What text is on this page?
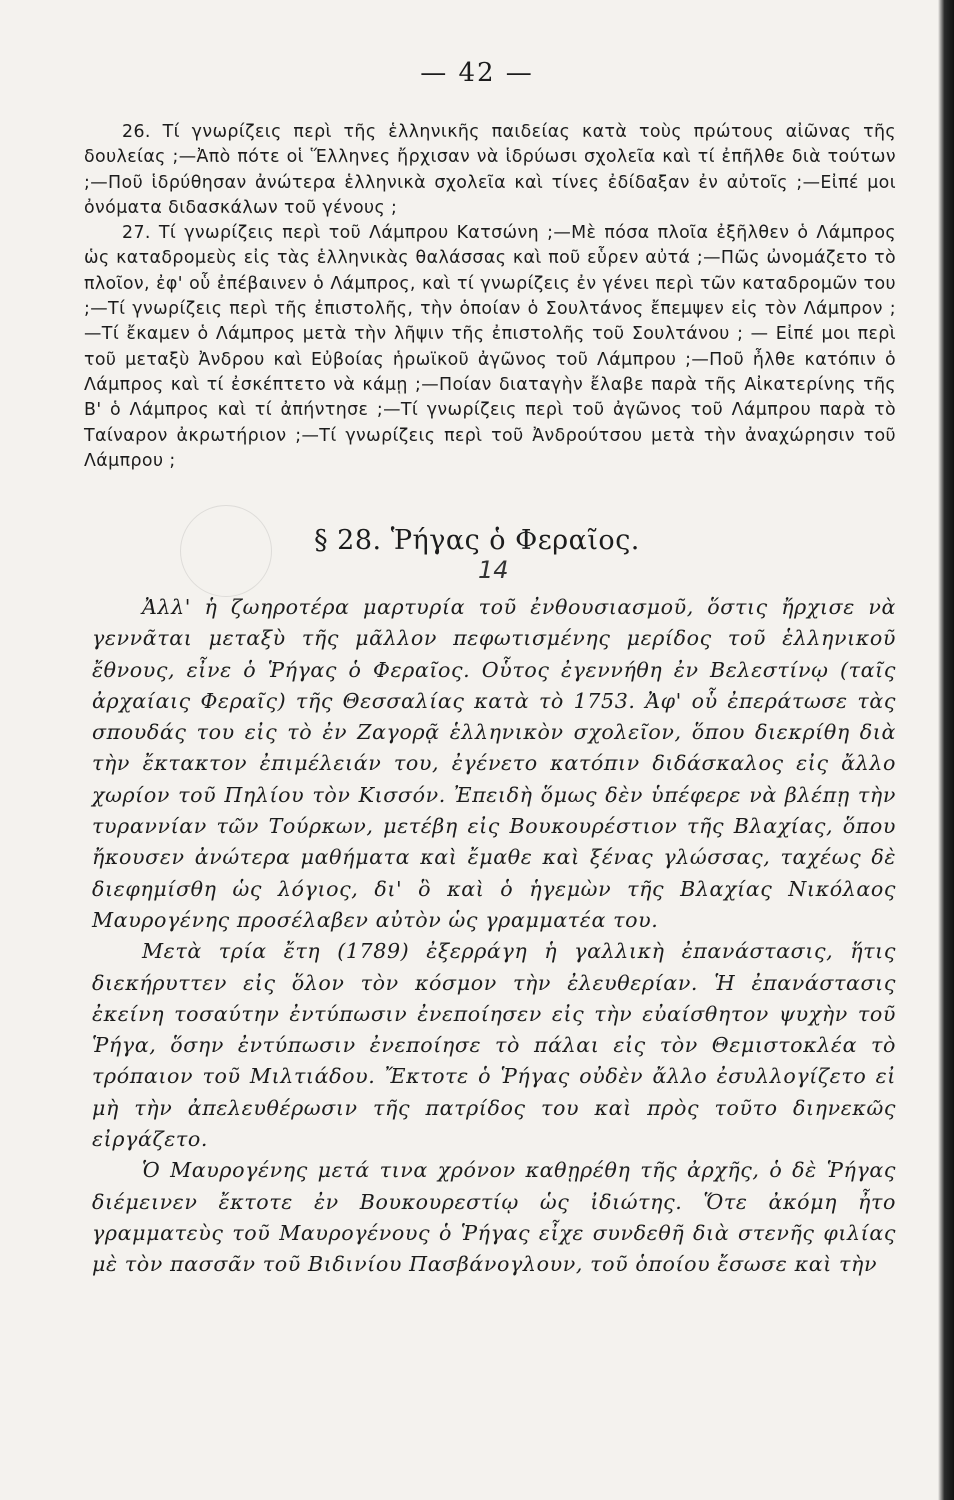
— 42 —

26. Τί γνωρίζεις περὶ τῆς ἑλληνικῆς παιδείας κατὰ τοὺς πρώτους αἰῶνας τῆς δουλείας ;—Ἀπὸ πότε οἱ Ἕλληνες ἤρχισαν νὰ ἱδρύωσι σχολεῖα καὶ τί ἐπῆλθε διὰ τούτων ;—Ποῦ ἱδρύθησαν ἀνώτερα ἑλληνικὰ σχολεῖα καὶ τίνες ἐδίδαξαν ἐν αὐτοῖς ;—Εἰπέ μοι ὀνόματα διδασκάλων τοῦ γένους ;

27. Τί γνωρίζεις περὶ τοῦ Λάμπρου Κατσώνη ;—Μὲ πόσα πλοῖα ἐξῆλθεν ὁ Λάμπρος ὡς καταδρομεὺς εἰς τὰς ἑλληνικὰς θαλάσσας καὶ ποῦ εὗρεν αὐτά ;—Πῶς ὠνομάζετο τὸ πλοῖον, ἐφ' οὗ ἐπέβαινεν ὁ Λάμπρος, καὶ τί γνωρίζεις ἐν γένει περὶ τῶν καταδρομῶν του ;—Τί γνωρίζεις περὶ τῆς ἐπιστολῆς, τὴν ὁποίαν ὁ Σουλτάνος ἔπεμψεν εἰς τὸν Λάμπρον ;—Τί ἔκαμεν ὁ Λάμπρος μετὰ τὴν λῆψιν τῆς ἐπιστολῆς τοῦ Σουλτάνου ; — Εἰπέ μοι περὶ τοῦ μεταξὺ Ἀνδρου καὶ Εὐβοίας ἡρωϊκοῦ ἀγῶνος τοῦ Λάμπρου ;—Ποῦ ἦλθε κατόπιν ὁ Λάμπρος καὶ τί ἐσκέπτετο νὰ κάμῃ ;—Ποίαν διαταγὴν ἔλαβε παρὰ τῆς Αἰκατερίνης τῆς Β' ὁ Λάμπρος καὶ τί ἀπήντησε ;—Τί γνωρίζεις περὶ τοῦ ἀγῶνος τοῦ Λάμπρου παρὰ τὸ Ταίναρον ἀκρωτήριον ;—Τί γνωρίζεις περὶ τοῦ Ἀνδρούτσου μετὰ τὴν ἀναχώρησιν τοῦ Λάμπρου ;

§ 28. Ῥήγας ὁ Φεραῖος.
14

Ἀλλ' ἡ ζωηροτέρα μαρτυρία τοῦ ἐνθουσιασμοῦ, ὅστις ἤρχισε νὰ γεννᾶται μεταξὺ τῆς μᾶλλον πεφωτισμένης μερίδος τοῦ ἑλληνικοῦ ἔθνους, εἶνε ὁ Ῥήγας ὁ Φεραῖος. Οὗτος ἐγεννήθη ἐν Βελεστίνῳ (ταῖς ἀρχαίαις Φεραῖς) τῆς Θεσσαλίας κατὰ τὸ 1753. Ἀφ' οὗ ἐπεράτωσε τὰς σπουδάς του εἰς τὸ ἐν Ζαγορᾷ ἑλληνικὸν σχολεῖον, ὅπου διεκρίθη διὰ τὴν ἔκτακτον ἐπιμέλειάν του, ἐγένετο κατόπιν διδάσκαλος εἰς ἄλλο χωρίον τοῦ Πηλίου τὸν Κισσόν. Ἐπειδὴ ὅμως δὲν ὑπέφερε νὰ βλέπῃ τὴν τυραννίαν τῶν Τούρκων, μετέβη εἰς Βουκουρέστιον τῆς Βλαχίας, ὅπου ἤκουσεν ἀνώτερα μαθήματα καὶ ἔμαθε καὶ ξένας γλώσσας, ταχέως δὲ διεφημίσθη ὡς λόγιος, δι' ὃ καὶ ὁ ἡγεμὼν τῆς Βλαχίας Νικόλαος Μαυρογένης προσέλαβεν αὐτὸν ὡς γραμματέα του.

Μετὰ τρία ἔτη (1789) ἐξερράγη ἡ γαλλικὴ ἐπανάστασις, ἥτις διεκήρυττεν εἰς ὅλον τὸν κόσμον τὴν ἐλευθερίαν. Ἡ ἐπανάστασις ἐκείνη τοσαύτην ἐντύπωσιν ἐνεποίησεν εἰς τὴν εὐαίσθητον ψυχὴν τοῦ Ῥήγα, ὅσην ἐντύπωσιν ἐνεποίησε τὸ πάλαι εἰς τὸν Θεμιστοκλέα τὸ τρόπαιον τοῦ Μιλτιάδου. Ἔκτοτε ὁ Ῥήγας οὐδὲν ἄλλο ἐσυλλογίζετο εἰ μὴ τὴν ἀπελευθέρωσιν τῆς πατρίδος του καὶ πρὸς τοῦτο διηνεκῶς εἰργάζετο.

Ὁ Μαυρογένης μετά τινα χρόνον καθῃρέθη τῆς ἀρχῆς, ὁ δὲ Ῥήγας διέμεινεν ἔκτοτε ἐν Βουκουρεστίῳ ὡς ἰδιώτης. Ὅτε ἀκόμη ἦτο γραμματεὺς τοῦ Μαυρογένους ὁ Ῥήγας εἶχε συνδεθῆ διὰ στενῆς φιλίας μὲ τὸν πασσᾶν τοῦ Βιδινίου Πασβάνογλουν, τοῦ ὁποίου ἔσωσε καὶ τὴν
